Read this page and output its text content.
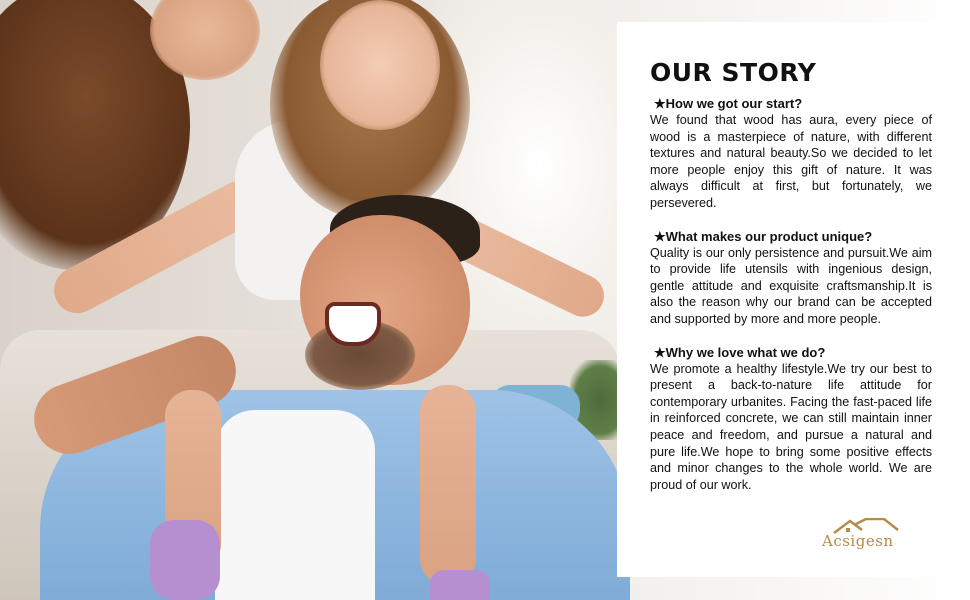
OUR STORY
★How we got our start?
We found that wood has aura, every piece of wood is a masterpiece of nature, with different textures and natural beauty.So we decided to let more people enjoy this gift of nature. It was always difficult at first, but fortunately, we persevered.
★What makes our product unique?
Quality is our only persistence and pursuit.We aim to provide life utensils with ingenious design, gentle attitude and exquisite craftsmanship.It is also the reason why our brand can be accepted and supported by more and more people.
★Why we love what we do?
We promote a healthy lifestyle.We try our best to present a back-to-nature life attitude for contemporary urbanites. Facing the fast-paced life in reinforced concrete, we can still maintain inner peace and freedom, and pursue a natural and pure life.We hope to bring some positive effects and minor changes to the whole world. We are proud of our work.
Acsigesn
